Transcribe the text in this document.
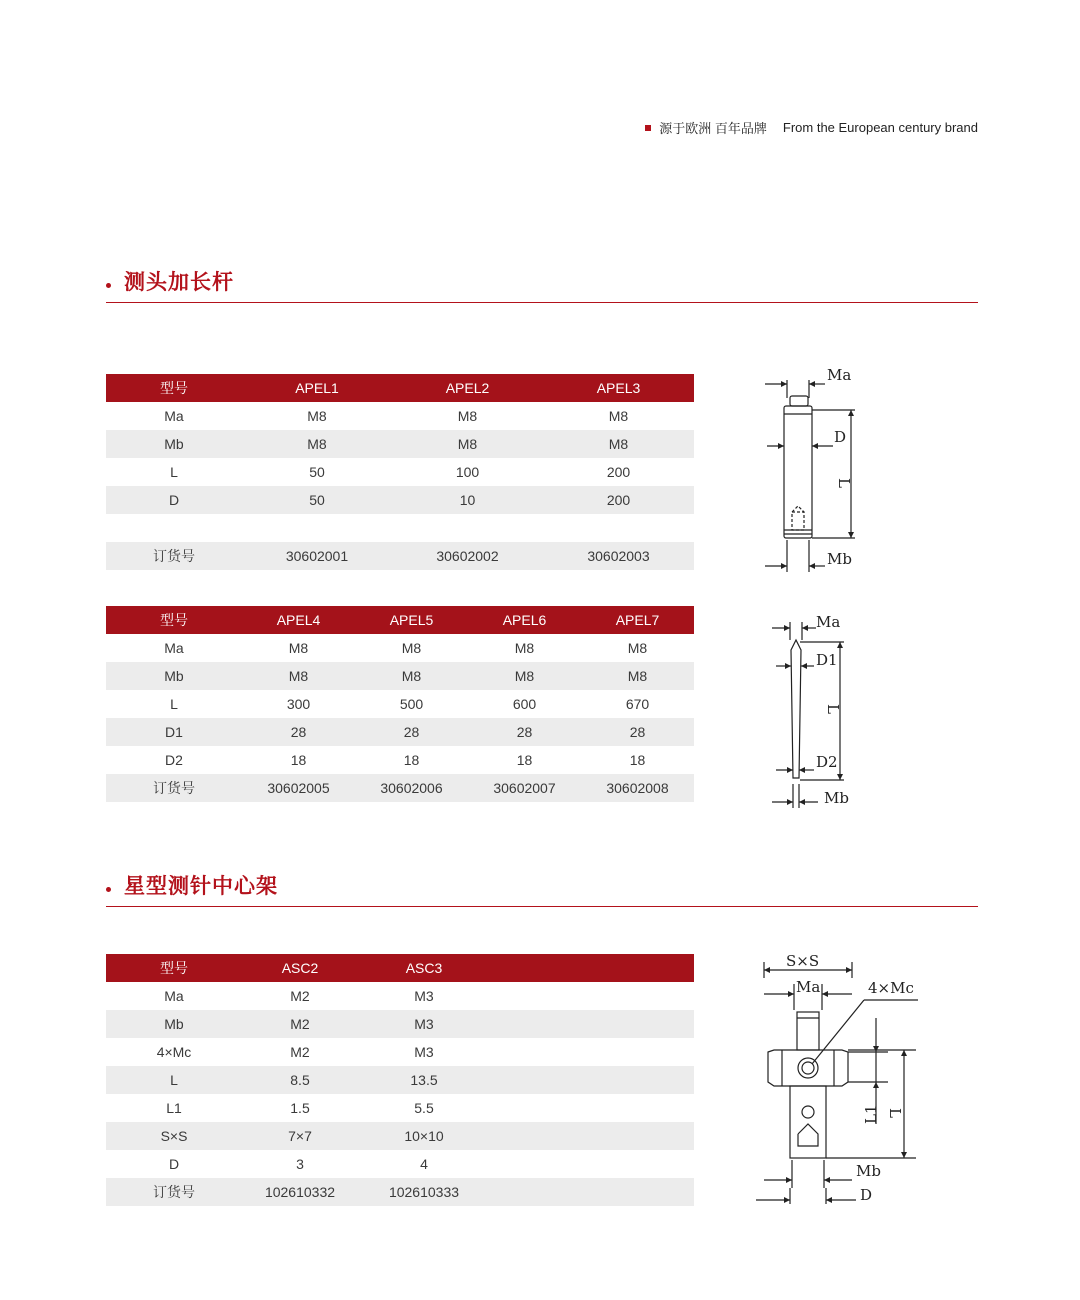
源于欧洲 百年品牌 From the European century brand
测头加长杆
型号	APEL1	APEL2	APEL3
Ma	M8	M8	M8
Mb	M8	M8	M8
L	50	100	200
D	50	10	200

订货号	30602001	30602002	30602003
Ma
D
L
Mb
型号	APEL4	APEL5	APEL6	APEL7
Ma	M8	M8	M8	M8
Mb	M8	M8	M8	M8
L	300	500	600	670
D1	28	28	28	28
D2	18	18	18	18
订货号	30602005	30602006	30602007	30602008
Ma
D1
L
D2
Mb
星型测针中心架
型号	ASC2	ASC3	
Ma	M2	M3	
Mb	M2	M3	
4×Mc	M2	M3	
L	8.5	13.5	
L1	1.5	5.5	
S×S	7×7	10×10	
D	3	4	
订货号	102610332	102610333	
S×S
Ma	4×Mc
L1 L
Mb
D
